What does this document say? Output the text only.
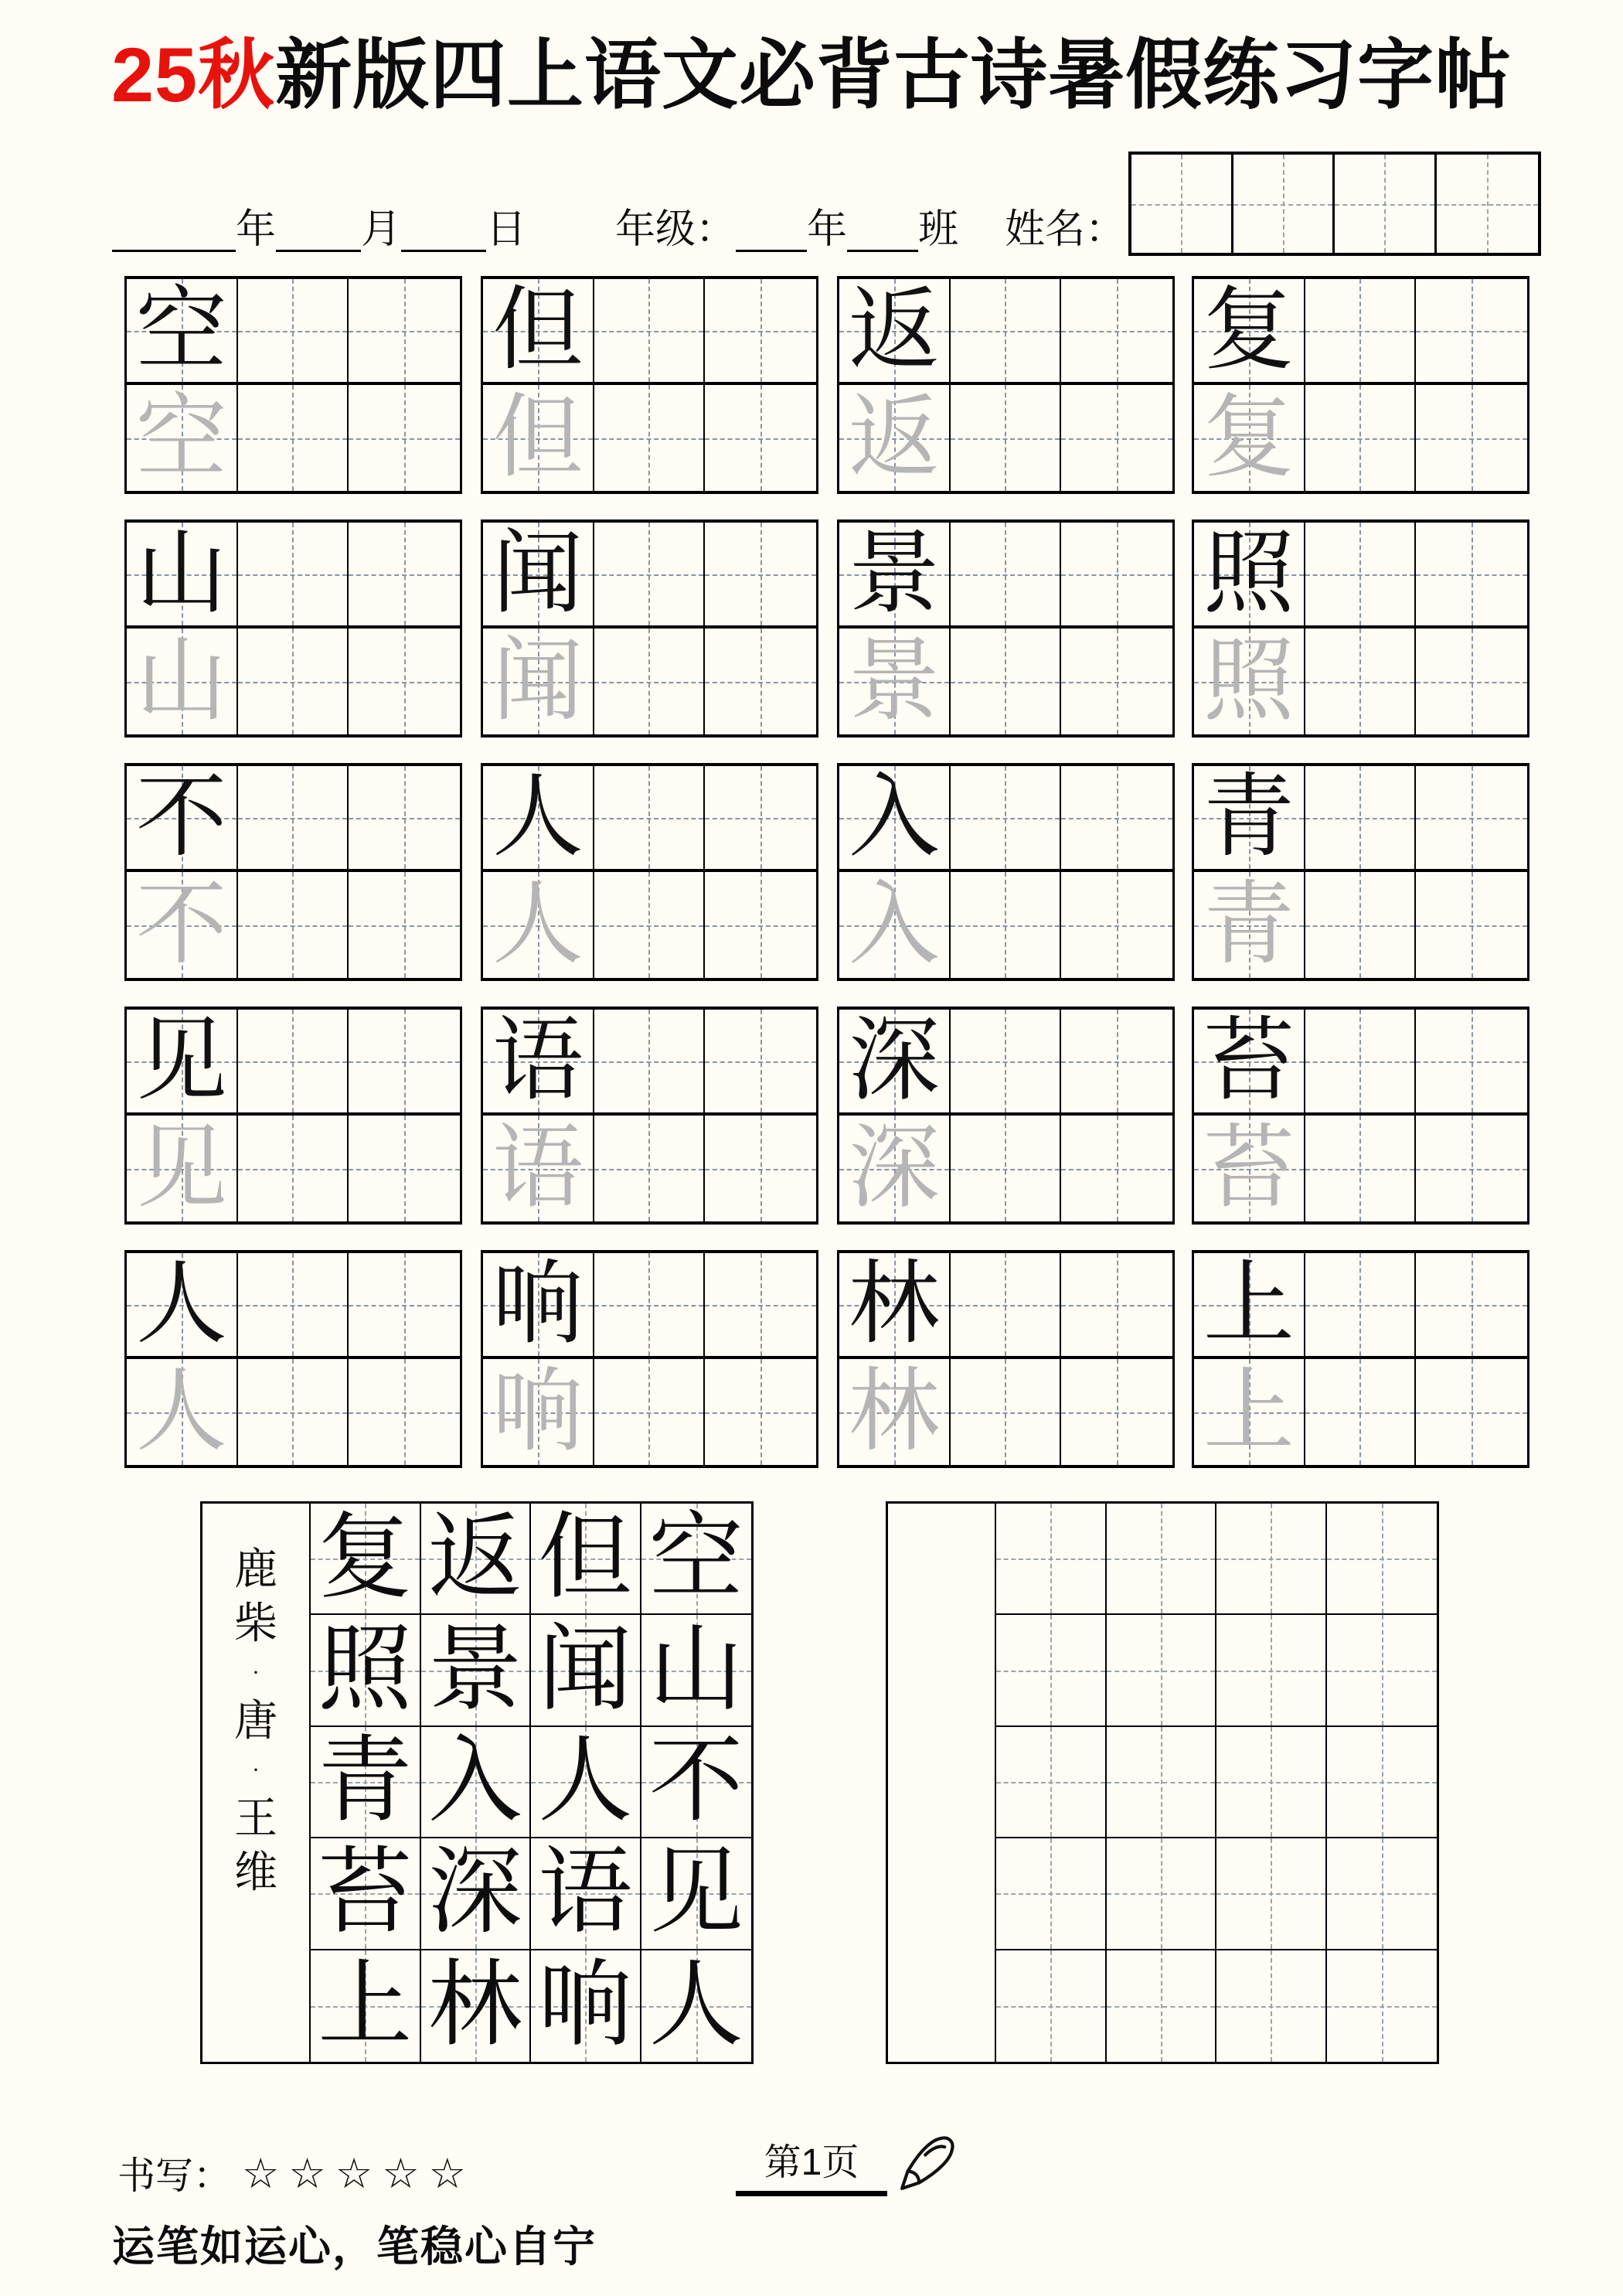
25秋新版四上语文必背古诗暑假练习字帖
年 月 日 年级： 年 班 姓名：
空
空
但
但
返
返
复
复
山
山
闻
闻
景
景
照
照
不
不
人
人
入
入
青
青
见
见
语
语
深
深
苔
苔
人
人
响
响
林
林
上
上
鹿
柴
·
唐
·
王
维
复 返 但 空
照 景 闻 山
青 入 人 不
苔 深 语 见
上 林 响 人
书写： ☆☆☆☆☆	第1页
运笔如运心，笔稳心自宁
